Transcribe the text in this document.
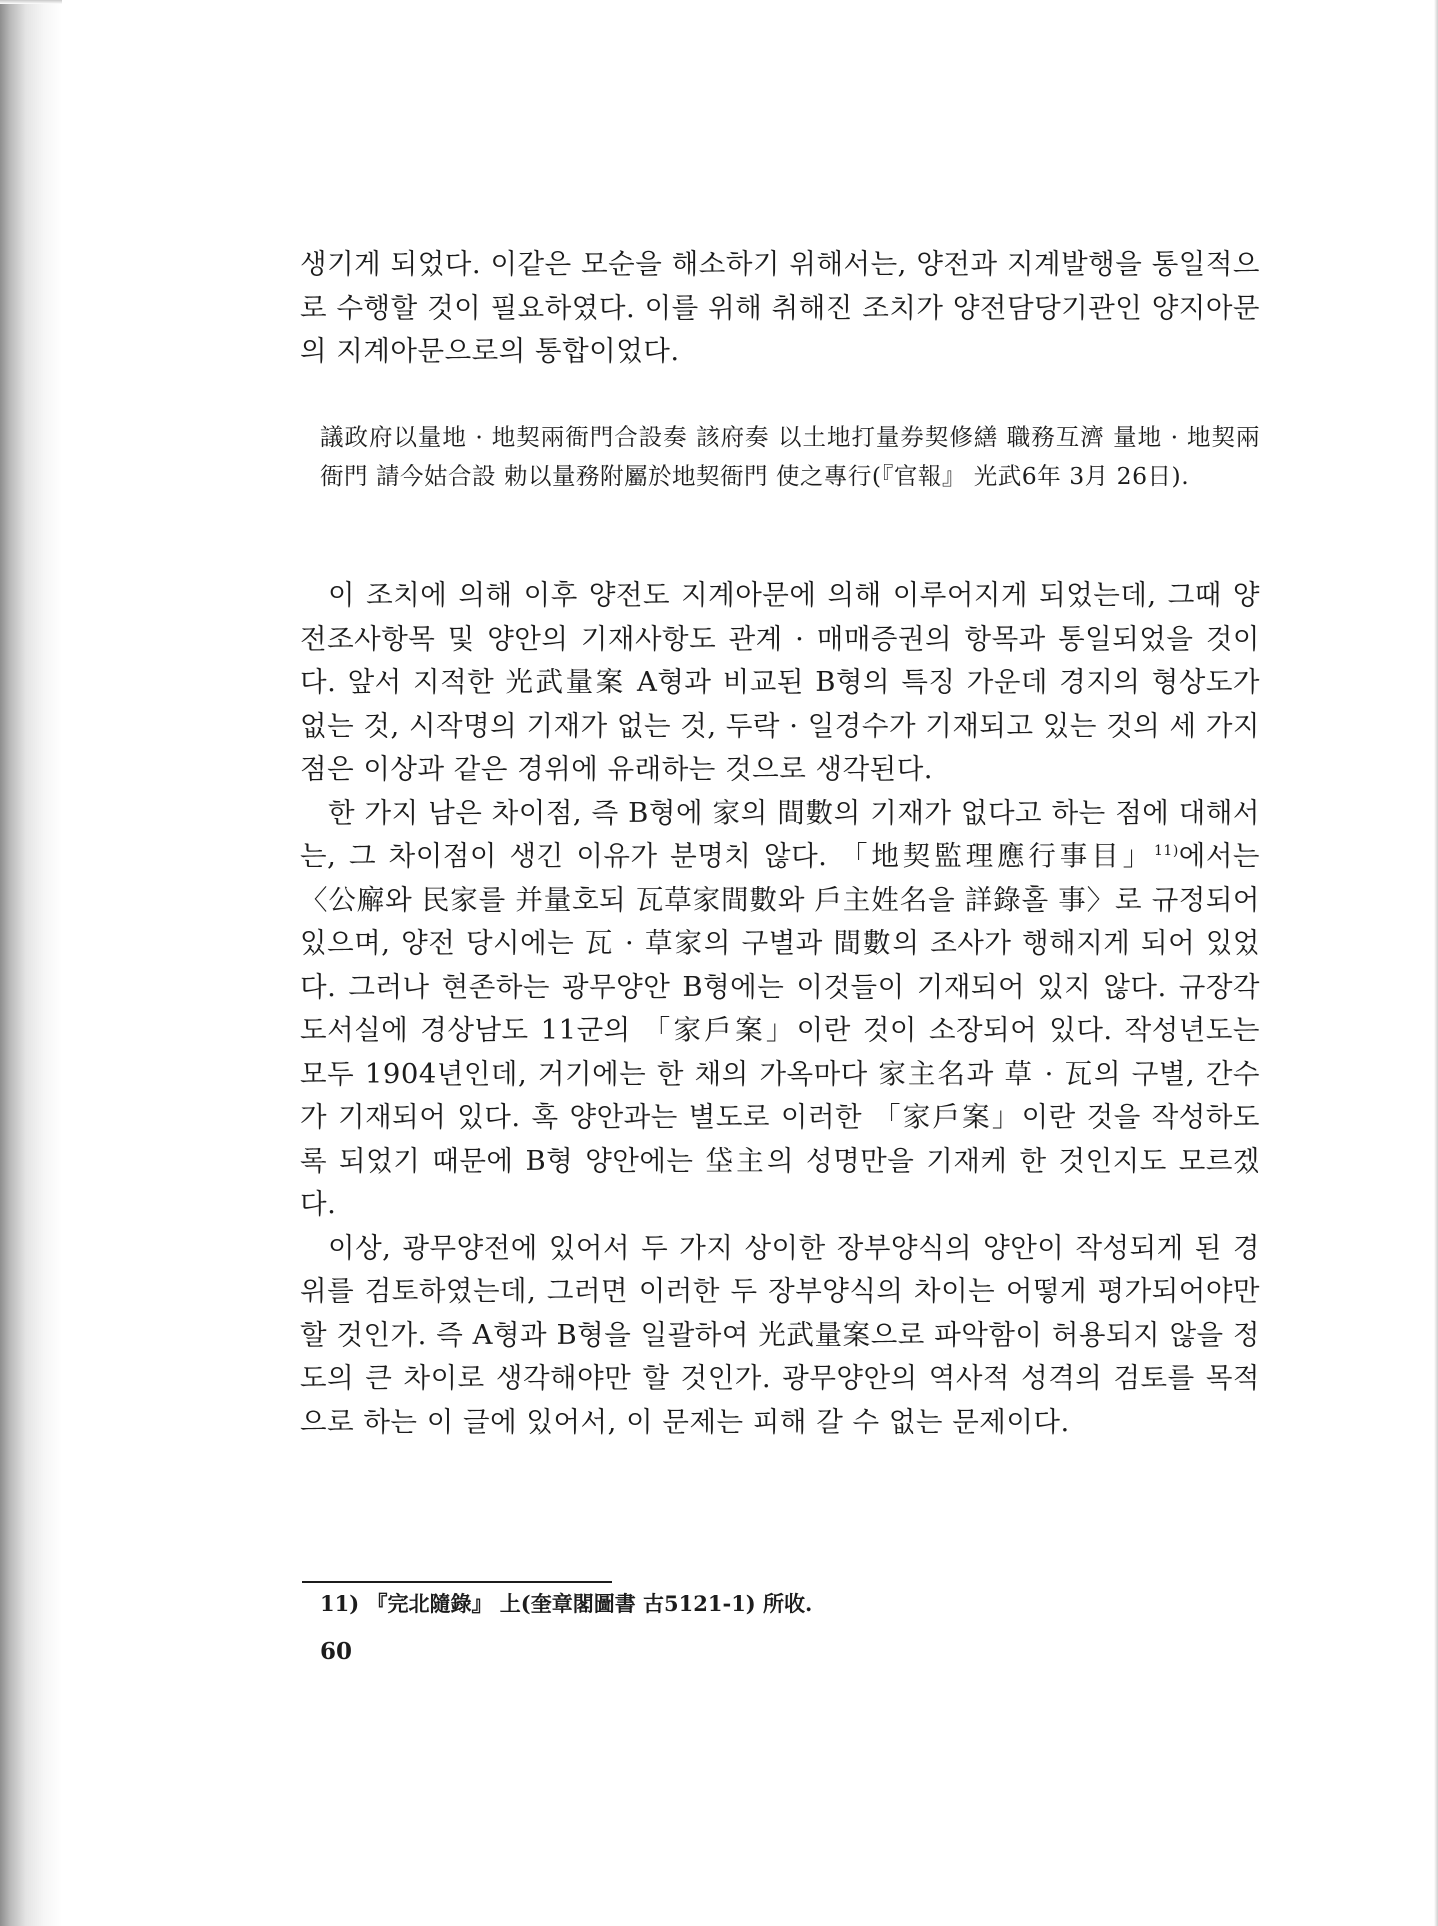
생기게 되었다. 이같은 모순을 해소하기 위해서는, 양전과 지계발행을 통일적으로 수행할 것이 필요하였다. 이를 위해 취해진 조치가 양전담당기관인 양지아문의 지계아문으로의 통합이었다.

議政府以量地 · 地契兩衙門合設奏 該府奏 以土地打量券契修繕 職務互濟 量地 · 地契兩衙門 請今姑合設 勅以量務附屬於地契衙門 使之專行(『官報』 光武6年 3月 26日).

이 조치에 의해 이후 양전도 지계아문에 의해 이루어지게 되었는데, 그때 양전조사항목 및 양안의 기재사항도 관계 · 매매증권의 항목과 통일되었을 것이다. 앞서 지적한 光武量案 A형과 비교된 B형의 특징 가운데 경지의 형상도가 없는 것, 시작명의 기재가 없는 것, 두락 · 일경수가 기재되고 있는 것의 세 가지 점은 이상과 같은 경위에 유래하는 것으로 생각된다.

한 가지 남은 차이점, 즉 B형에 家의 間數의 기재가 없다고 하는 점에 대해서는, 그 차이점이 생긴 이유가 분명치 않다. 「地契監理應行事目」$^{11)}$에서는 〈公廨와 民家를 并量호되 瓦草家間數와 戶主姓名을 詳錄홀 事〉로 규정되어 있으며, 양전 당시에는 瓦 · 草家의 구별과 間數의 조사가 행해지게 되어 있었다. 그러나 현존하는 광무양안 B형에는 이것들이 기재되어 있지 않다. 규장각도서실에 경상남도 11군의 「家戶案」이란 것이 소장되어 있다. 작성년도는 모두 1904년인데, 거기에는 한 채의 가옥마다 家主名과 草 · 瓦의 구별, 간수가 기재되어 있다. 혹 양안과는 별도로 이러한 「家戶案」이란 것을 작성하도록 되었기 때문에 B형 양안에는 垈主의 성명만을 기재케 한 것인지도 모르겠다.

이상, 광무양전에 있어서 두 가지 상이한 장부양식의 양안이 작성되게 된 경위를 검토하였는데, 그러면 이러한 두 장부양식의 차이는 어떻게 평가되어야만 할 것인가. 즉 A형과 B형을 일괄하여 光武量案으로 파악함이 허용되지 않을 정도의 큰 차이로 생각해야만 할 것인가. 광무양안의 역사적 성격의 검토를 목적으로 하는 이 글에 있어서, 이 문제는 피해 갈 수 없는 문제이다.

11) 『完北隨錄』 上(奎章閣圖書 古5121-1) 所收.
60
